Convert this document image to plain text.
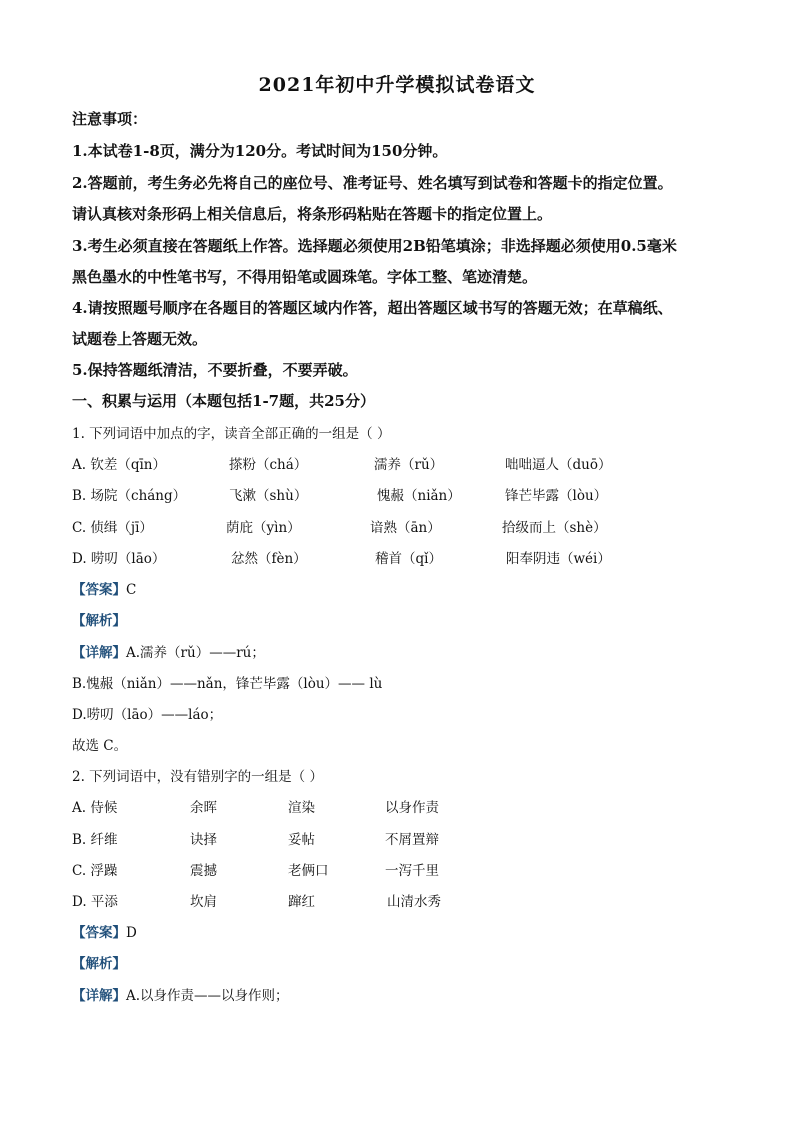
2021年初中升学模拟试卷语文
注意事项：
1.本试卷1-8页，满分为120分。考试时间为150分钟。
2.答题前，考生务必先将自己的座位号、准考证号、姓名填写到试卷和答题卡的指定位置。
请认真核对条形码上相关信息后，将条形码粘贴在答题卡的指定位置上。
3.考生必须直接在答题纸上作答。选择题必须使用2B铅笔填涂；非选择题必须使用0.5毫米
黑色墨水的中性笔书写，不得用铅笔或圆珠笔。字体工整、笔迹清楚。
4.请按照题号顺序在各题目的答题区域内作答，超出答题区域书写的答题无效；在草稿纸、
试题卷上答题无效。
5.保持答题纸清洁，不要折叠，不要弄破。
一、积累与运用（本题包括1-7题，共25分）
1. 下列词语中加点的字，读音全部正确的一组是（ ）
A. 钦差（qīn）	搽粉（chá）	濡养（rǔ）	咄咄逼人（duō）
B. 场院（cháng）	飞漱（shù）	愧赧（niǎn）	锋芒毕露（lòu）
C. 侦缉（jī）	荫庇（yìn）	谙熟（ān）	拾级而上（shè）
D. 唠叨（lāo）	忿然（fèn）	稽首（qǐ）	阳奉阴违（wéi）
【答案】C
【解析】
【详解】A.濡养（rǔ）——rú；
B.愧赧（niǎn）——nǎn，锋芒毕露（lòu）—— lù
D.唠叨（lāo）——láo；
故选 C。
2. 下列词语中，没有错别字的一组是（ ）
A. 侍候	余晖	渲染	以身作责
B. 纤维	诀择	妥帖	不屑置辩
C. 浮躁	震撼	老俩口	一泻千里
D. 平添	坎肩	蹿红	山清水秀
【答案】D
【解析】
【详解】A.以身作责——以身作则；
